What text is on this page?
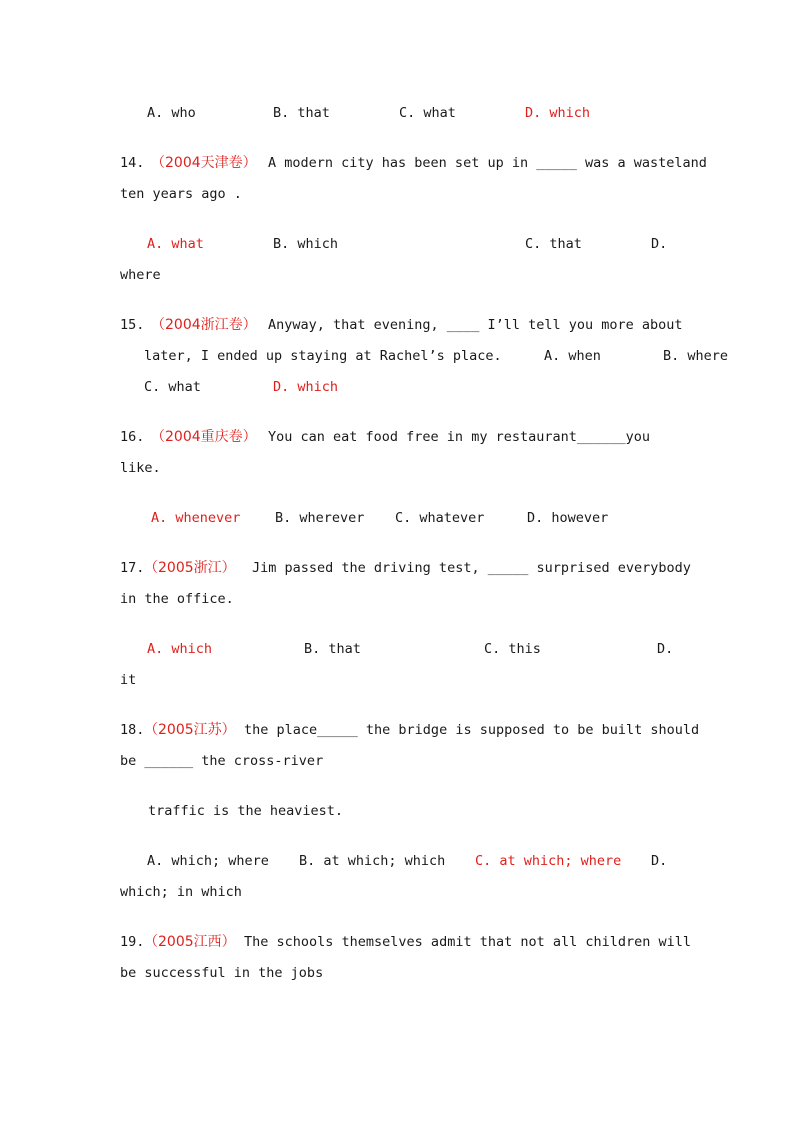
A. who	B. that	C. what	D. which
14.
（2004天津卷） A modern city has been set up in _____ was a wasteland
ten years ago .
A. what	B. which	C. that	D.
where
15.
（2004浙江卷） Anyway, that evening, ____ I’ll tell you more about
later, I ended up staying at Rachel’s place.	A. when	B. where
C. what	D. which
16.
（2004重庆卷） You can eat food free in my restaurant______you
like.
A. whenever	B. wherever C. whatever	D. however
17. （2005浙江） Jim passed the driving test, _____ surprised everybody
in the office.
A. which	B. that	C. this	D.
it
18. （2005江苏） the place_____ the bridge is supposed to be built should
be ______ the cross-river
traffic is the heaviest.
A. which; where B. at which; which C. at which; where D.
which; in which
19. （2005江西） The schools themselves admit that not all children will
be successful in the jobs
